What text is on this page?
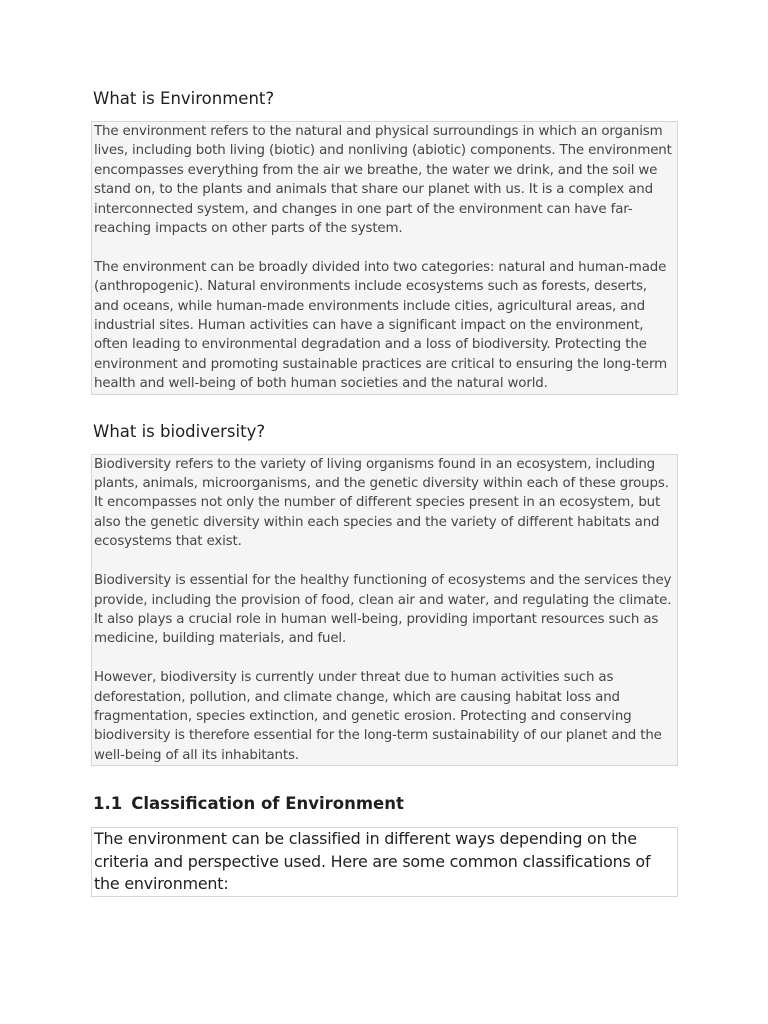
What is Environment?

The environment refers to the natural and physical surroundings in which an organism lives, including both living (biotic) and nonliving (abiotic) components. The environment encompasses everything from the air we breathe, the water we drink, and the soil we stand on, to the plants and animals that share our planet with us. It is a complex and interconnected system, and changes in one part of the environment can have far-reaching impacts on other parts of the system.

The environment can be broadly divided into two categories: natural and human-made (anthropogenic). Natural environments include ecosystems such as forests, deserts, and oceans, while human-made environments include cities, agricultural areas, and industrial sites. Human activities can have a significant impact on the environment, often leading to environmental degradation and a loss of biodiversity. Protecting the environment and promoting sustainable practices are critical to ensuring the long-term health and well-being of both human societies and the natural world.

What is biodiversity?

Biodiversity refers to the variety of living organisms found in an ecosystem, including plants, animals, microorganisms, and the genetic diversity within each of these groups. It encompasses not only the number of different species present in an ecosystem, but also the genetic diversity within each species and the variety of different habitats and ecosystems that exist.

Biodiversity is essential for the healthy functioning of ecosystems and the services they provide, including the provision of food, clean air and water, and regulating the climate. It also plays a crucial role in human well-being, providing important resources such as medicine, building materials, and fuel.

However, biodiversity is currently under threat due to human activities such as deforestation, pollution, and climate change, which are causing habitat loss and fragmentation, species extinction, and genetic erosion. Protecting and conserving biodiversity is therefore essential for the long-term sustainability of our planet and the well-being of all its inhabitants.

1.1 Classification of Environment

The environment can be classified in different ways depending on the criteria and perspective used. Here are some common classifications of the environment:
